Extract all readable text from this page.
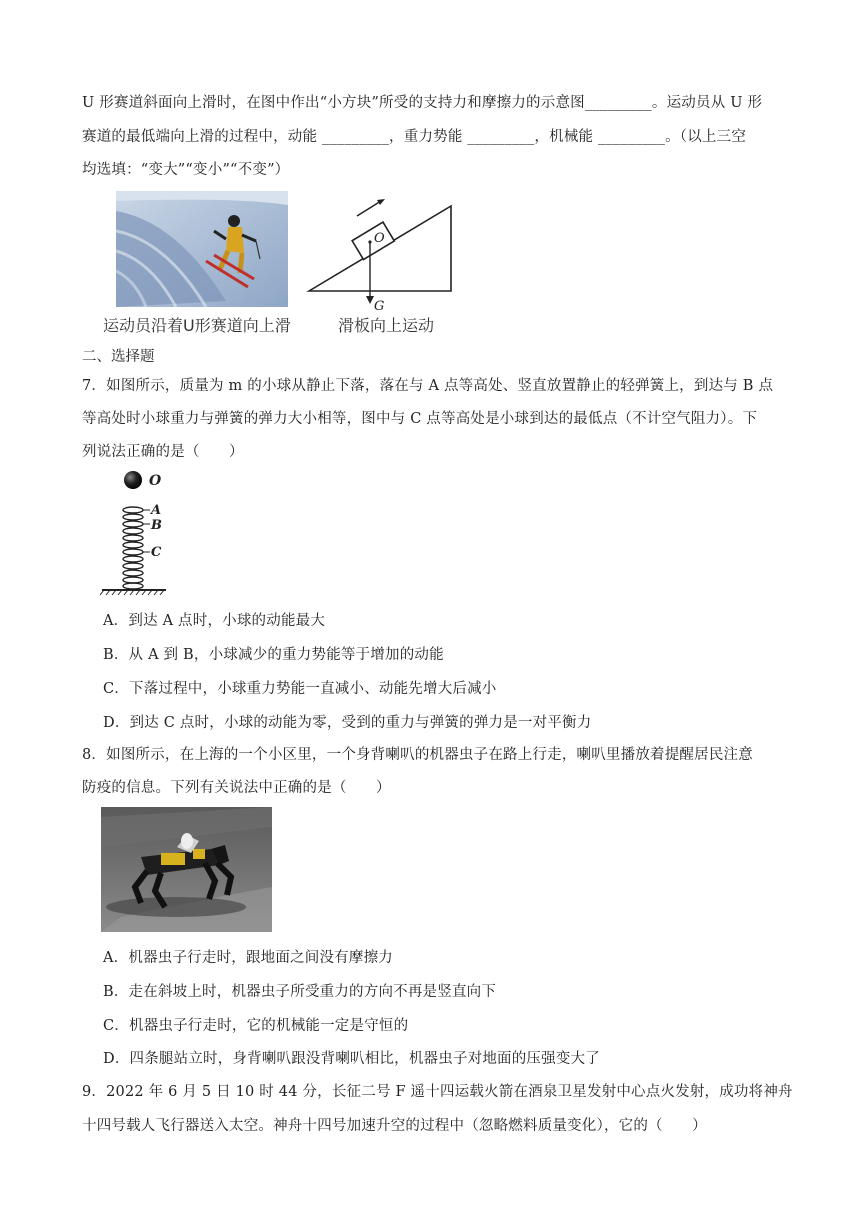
U 形赛道斜面向上滑时，在图中作出“小方块”所受的支持力和摩擦力的示意图_________。运动员从 U 形
赛道的最低端向上滑的过程中，动能 _________，重力势能 _________，机械能 _________。（以上三空
均选填：“变大”“变小”“不变”）
运动员沿着U形赛道向上滑
O
G
滑板向上运动
二、选择题
7．如图所示，质量为 m 的小球从静止下落，落在与 A 点等高处、竖直放置静止的轻弹簧上，到达与 B 点
等高处时小球重力与弹簧的弹力大小相等，图中与 C 点等高处是小球到达的最低点（不计空气阻力）。下
列说法正确的是（　　）
O
A
B
C
A．到达 A 点时，小球的动能最大
B．从 A 到 B，小球减少的重力势能等于增加的动能
C．下落过程中，小球重力势能一直减小、动能先增大后减小
D．到达 C 点时，小球的动能为零，受到的重力与弹簧的弹力是一对平衡力
8．如图所示，在上海的一个小区里，一个身背喇叭的机器虫子在路上行走，喇叭里播放着提醒居民注意
防疫的信息。下列有关说法中正确的是（　　）
A．机器虫子行走时，跟地面之间没有摩擦力
B．走在斜坡上时，机器虫子所受重力的方向不再是竖直向下
C．机器虫子行走时，它的机械能一定是守恒的
D．四条腿站立时，身背喇叭跟没背喇叭相比，机器虫子对地面的压强变大了
9．2022 年 6 月 5 日 10 时 44 分，长征二号 F 遥十四运载火箭在酒泉卫星发射中心点火发射，成功将神舟
十四号载人飞行器送入太空。神舟十四号加速升空的过程中（忽略燃料质量变化），它的（　　）
